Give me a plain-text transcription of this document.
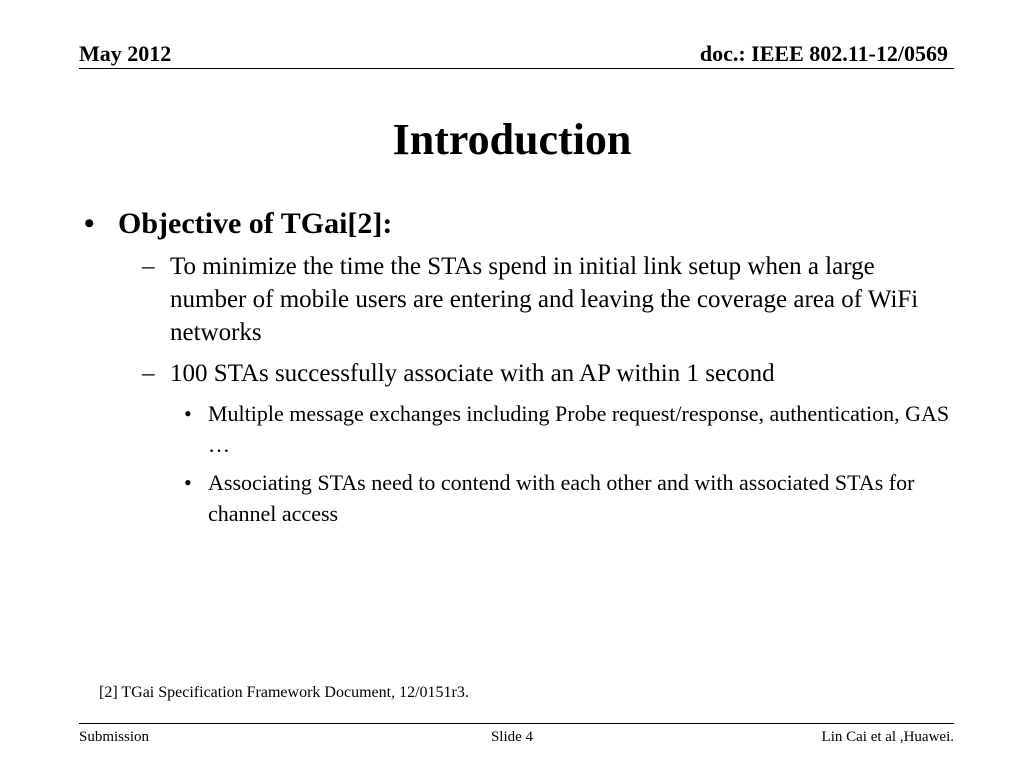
May 2012	doc.: IEEE 802.11-12/0569
Introduction
• Objective of TGai[2]:
– To minimize the time the STAs spend in initial link setup when a large number of mobile users are entering and leaving the coverage area of WiFi networks
– 100 STAs successfully associate with an AP within 1 second
• Multiple message exchanges including Probe request/response, authentication, GAS …
• Associating STAs need to contend with each other and with associated STAs for channel access
[2] TGai Specification Framework Document, 12/0151r3.
Submission	Slide 4	Lin Cai et al ,Huawei.
